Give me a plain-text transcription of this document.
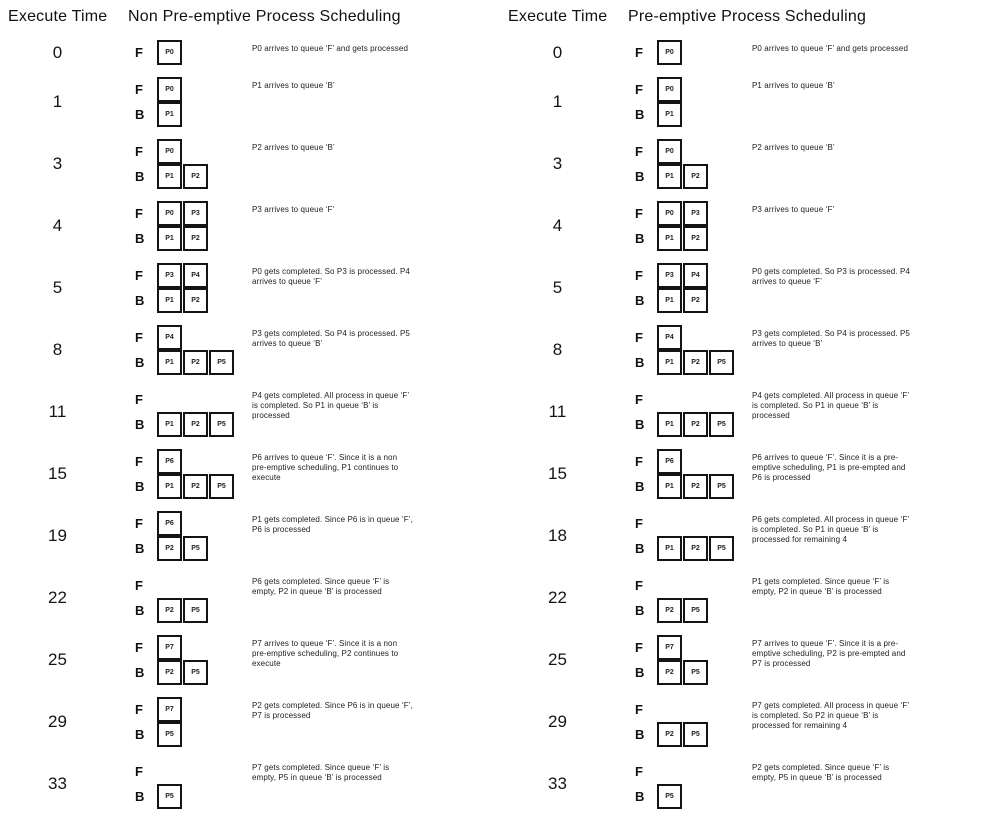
Execute Time	Non Pre-emptive Process Scheduling
0	F	P0	P0 arrives to queue ‘F’ and gets processed
1
F	P0
B	P1
P1 arrives to queue ‘B’
3
F	P0
B	P1	P2
P2 arrives to queue ‘B’
4
F	P0	P3
B	P1	P2
P3 arrives to queue ‘F’
5
F	P3	P4
B	P1	P2
P0 gets completed. So P3 is processed. P4 arrives to queue ‘F’
8
F	P4
B	P1	P2	P5
P3 gets completed. So P4 is processed. P5 arrives to queue ‘B’
11
F
B	P1	P2	P5
P4 gets completed. All process in queue ‘F’ is completed. So P1 in queue ‘B’ is processed
15
F	P6
B	P1	P2	P5
P6 arrives to queue ‘F’. Since it is a non pre-emptive scheduling, P1 continues to execute
19
F	P6
B	P2	P5
P1 gets completed. Since P6 is in queue ‘F’, P6 is processed
22
F
B	P2	P5
P6 gets completed. Since queue ‘F’ is empty, P2 in queue ‘B’ is processed
25
F	P7
B	P2	P5
P7 arrives to queue ‘F’. Since it is a non pre-emptive scheduling, P2 continues to execute
29
F	P7
B	P5
P2 gets completed. Since P6 is in queue ‘F’, P7 is processed
33
F
B	P5
P7 gets completed. Since queue ‘F’ is empty, P5 in queue ‘B’ is processed
Execute Time	Pre-emptive Process Scheduling
0	F	P0	P0 arrives to queue ‘F’ and gets processed
1
F	P0
B	P1
P1 arrives to queue ‘B’
3
F	P0
B	P1	P2
P2 arrives to queue ‘B’
4
F	P0	P3
B	P1	P2
P3 arrives to queue ‘F’
5
F	P3	P4
B	P1	P2
P0 gets completed. So P3 is processed. P4 arrives to queue ‘F’
8
F	P4
B	P1	P2	P5
P3 gets completed. So P4 is processed. P5 arrives to queue ‘B’
11
F
B	P1	P2	P5
P4 gets completed. All process in queue ‘F’ is completed. So P1 in queue ‘B’ is processed
15
F	P6
B	P1	P2	P5
P6 arrives to queue ‘F’. Since it is a pre-emptive scheduling, P1 is pre-empted and P6 is processed
18
F
B	P1	P2	P5
P6 gets completed. All process in queue ‘F’ is completed. So P1 in queue ‘B’ is processed for remaining 4
22
F
B	P2	P5
P1 gets completed. Since queue ‘F’ is empty, P2 in queue ‘B’ is processed
25
F	P7
B	P2	P5
P7 arrives to queue ‘F’. Since it is a pre-emptive scheduling, P2 is pre-empted and P7 is processed
29
F
B	P2	P5
P7 gets completed. All process in queue ‘F’ is completed. So P2 in queue ‘B’ is processed for remaining 4
33
F
B	P5
P2 gets completed. Since queue ‘F’ is empty, P5 in queue ‘B’ is processed
